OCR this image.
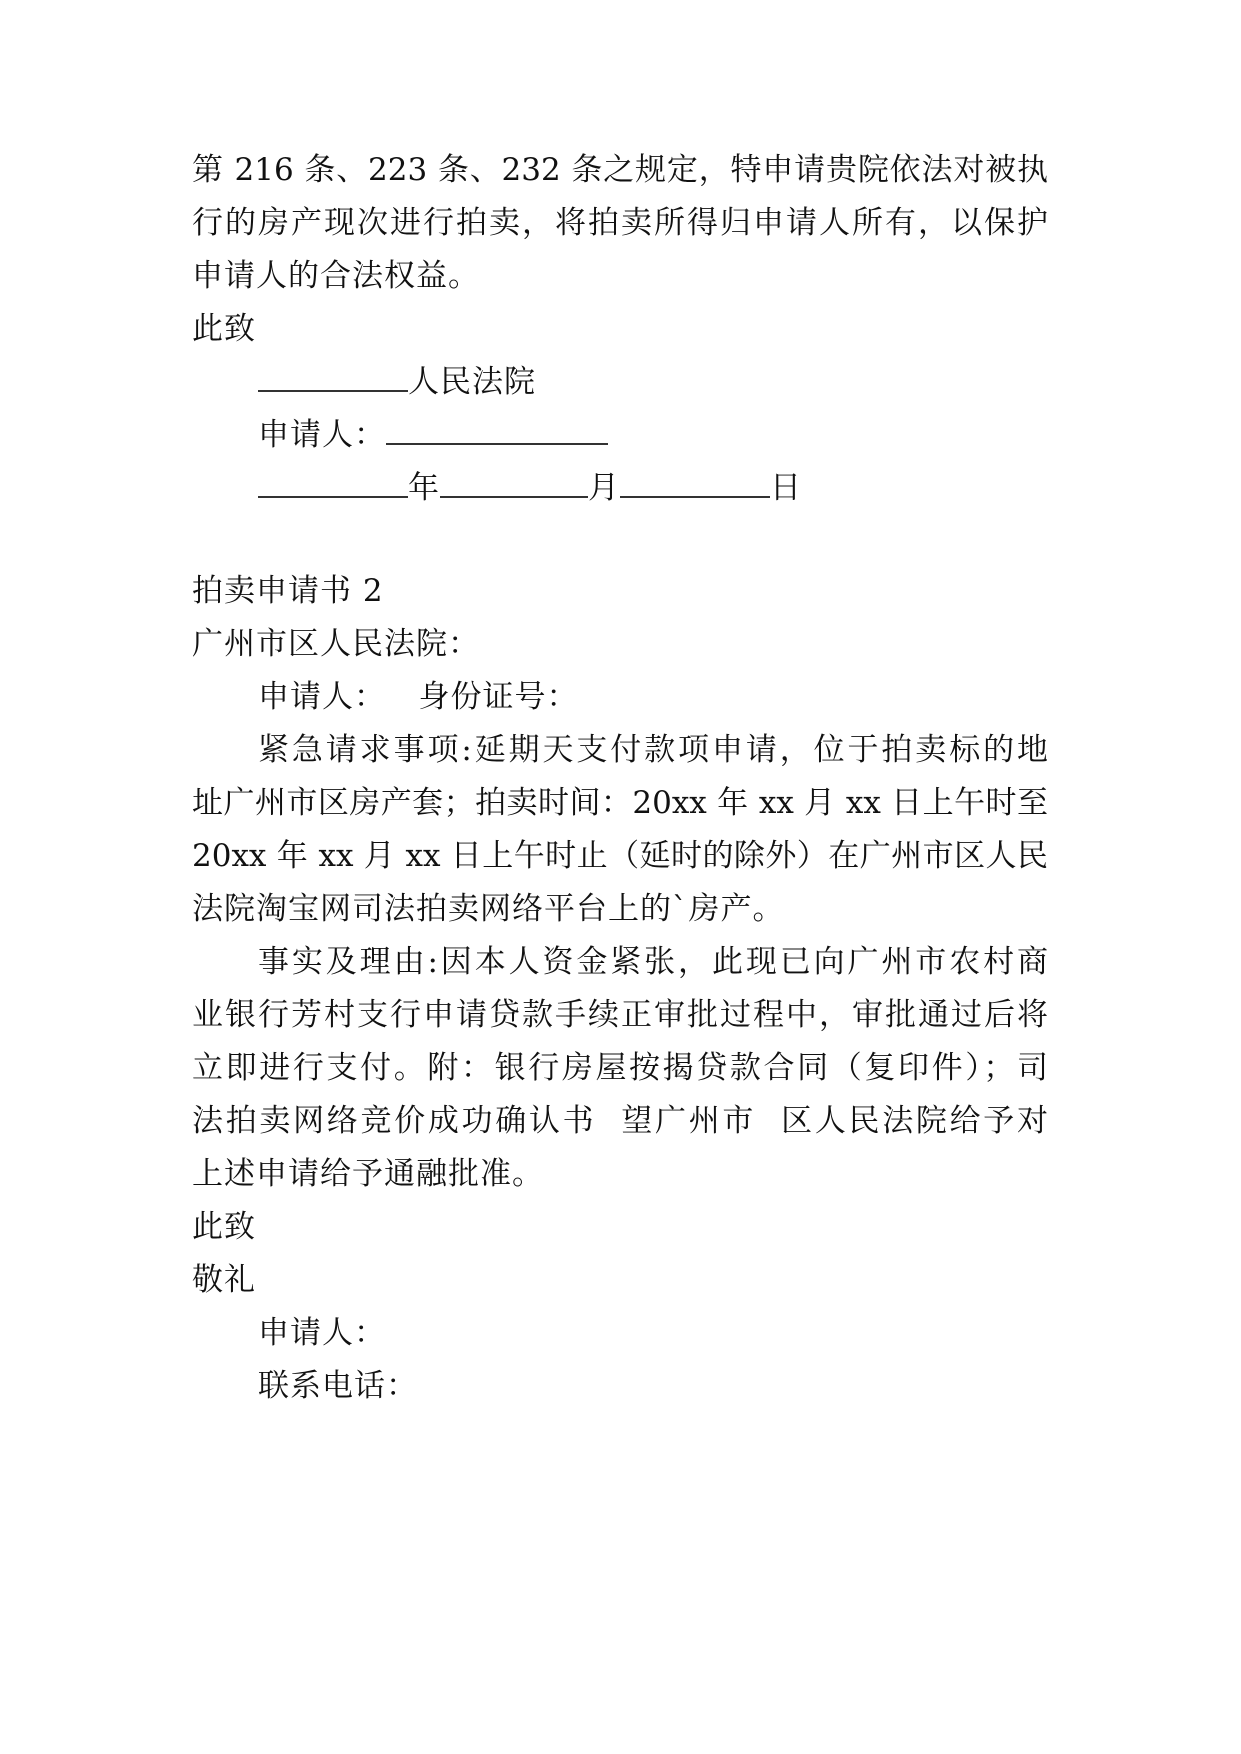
第 216 条、223 条、232 条之规定，特申请贵院依法对被执
行的房产现次进行拍卖，将拍卖所得归申请人所有，以保护
申请人的合法权益。
此致
人民法院
申请人：
年	月	日
拍卖申请书 2
广州市区人民法院：
申请人：   身份证号：
紧急请求事项:延期天支付款项申请，位于拍卖标的地
址广州市区房产套；拍卖时间：20xx 年 xx 月 xx 日上午时至
20xx 年 xx 月 xx 日上午时止（延时的除外）在广州市区人民
法院淘宝网司法拍卖网络平台上的`房产。
事实及理由:因本人资金紧张，此现已向广州市农村商
业银行芳村支行申请贷款手续正审批过程中，审批通过后将
立即进行支付。附：银行房屋按揭贷款合同（复印件）；司
法拍卖网络竞价成功确认书  望广州市  区人民法院给予对
上述申请给予通融批准。
此致
敬礼
申请人：
联系电话：
